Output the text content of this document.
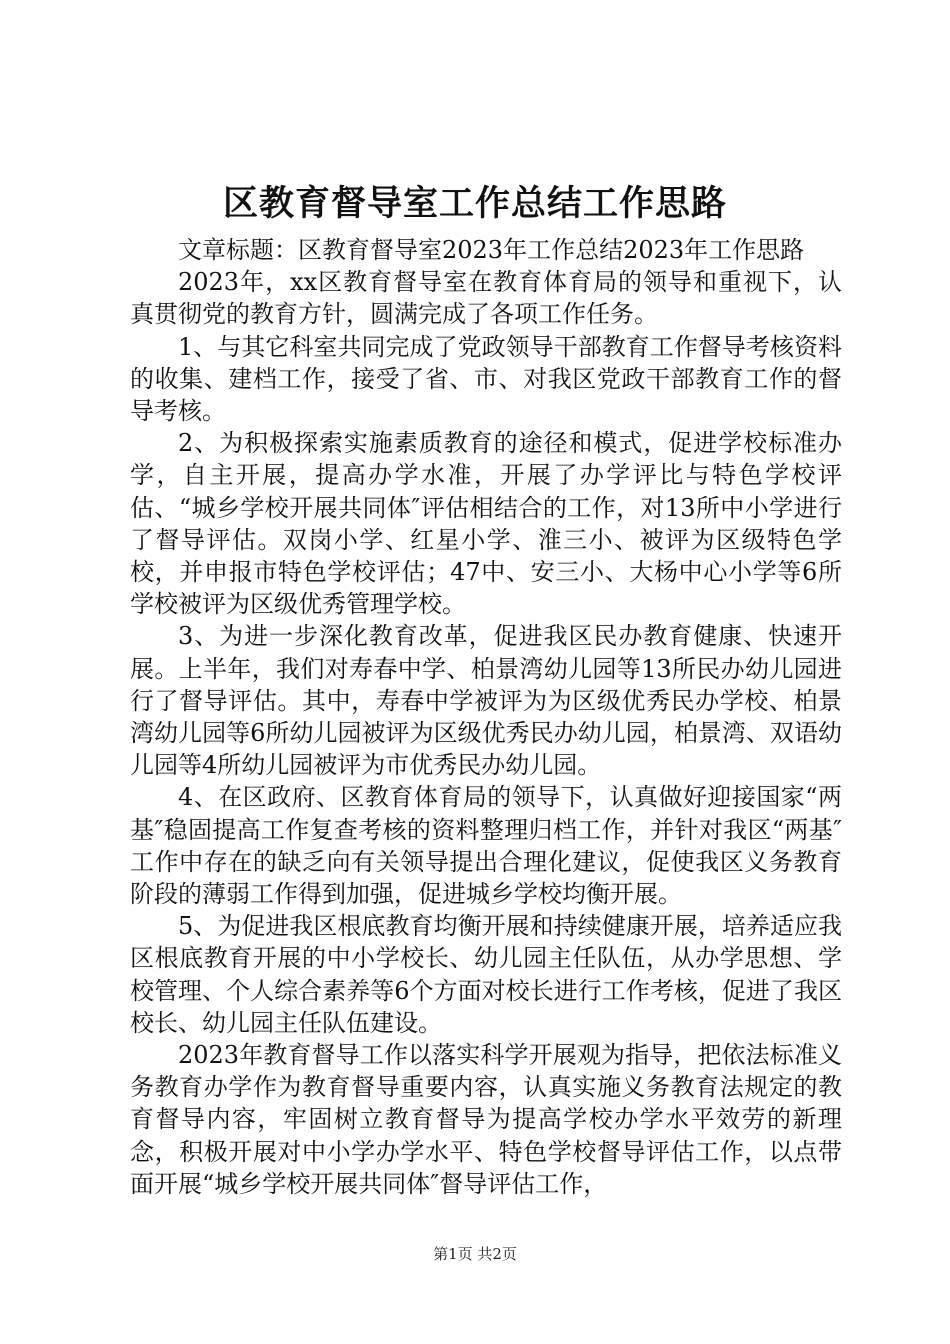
区教育督导室工作总结工作思路

文章标题：区教育督导室2023年工作总结2023年工作思路

2023年，xx区教育督导室在教育体育局的领导和重视下，认真贯彻党的教育方针，圆满完成了各项工作任务。

1、与其它科室共同完成了党政领导干部教育工作督导考核资料的收集、建档工作，接受了省、市、对我区党政干部教育工作的督导考核。

2、为积极探索实施素质教育的途径和模式，促进学校标准办学，自主开展，提高办学水准，开展了办学评比与特色学校评估、“城乡学校开展共同体″评估相结合的工作，对13所中小学进行了督导评估。双岗小学、红星小学、淮三小、被评为区级特色学校，并申报市特色学校评估；47中、安三小、大杨中心小学等6所学校被评为区级优秀管理学校。

3、为进一步深化教育改革，促进我区民办教育健康、快速开展。上半年，我们对寿春中学、柏景湾幼儿园等13所民办幼儿园进行了督导评估。其中，寿春中学被评为为区级优秀民办学校、柏景湾幼儿园等6所幼儿园被评为区级优秀民办幼儿园，柏景湾、双语幼儿园等4所幼儿园被评为市优秀民办幼儿园。

4、在区政府、区教育体育局的领导下，认真做好迎接国家“两基″稳固提高工作复查考核的资料整理归档工作，并针对我区“两基″工作中存在的缺乏向有关领导提出合理化建议，促使我区义务教育阶段的薄弱工作得到加强，促进城乡学校均衡开展。

5、为促进我区根底教育均衡开展和持续健康开展，培养适应我区根底教育开展的中小学校长、幼儿园主任队伍，从办学思想、学校管理、个人综合素养等6个方面对校长进行工作考核，促进了我区校长、幼儿园主任队伍建设。

2023年教育督导工作以落实科学开展观为指导，把依法标准义务教育办学作为教育督导重要内容，认真实施义务教育法规定的教育督导内容，牢固树立教育督导为提高学校办学水平效劳的新理念，积极开展对中小学办学水平、特色学校督导评估工作，以点带面开展“城乡学校开展共同体″督导评估工作，

第1页 共2页
